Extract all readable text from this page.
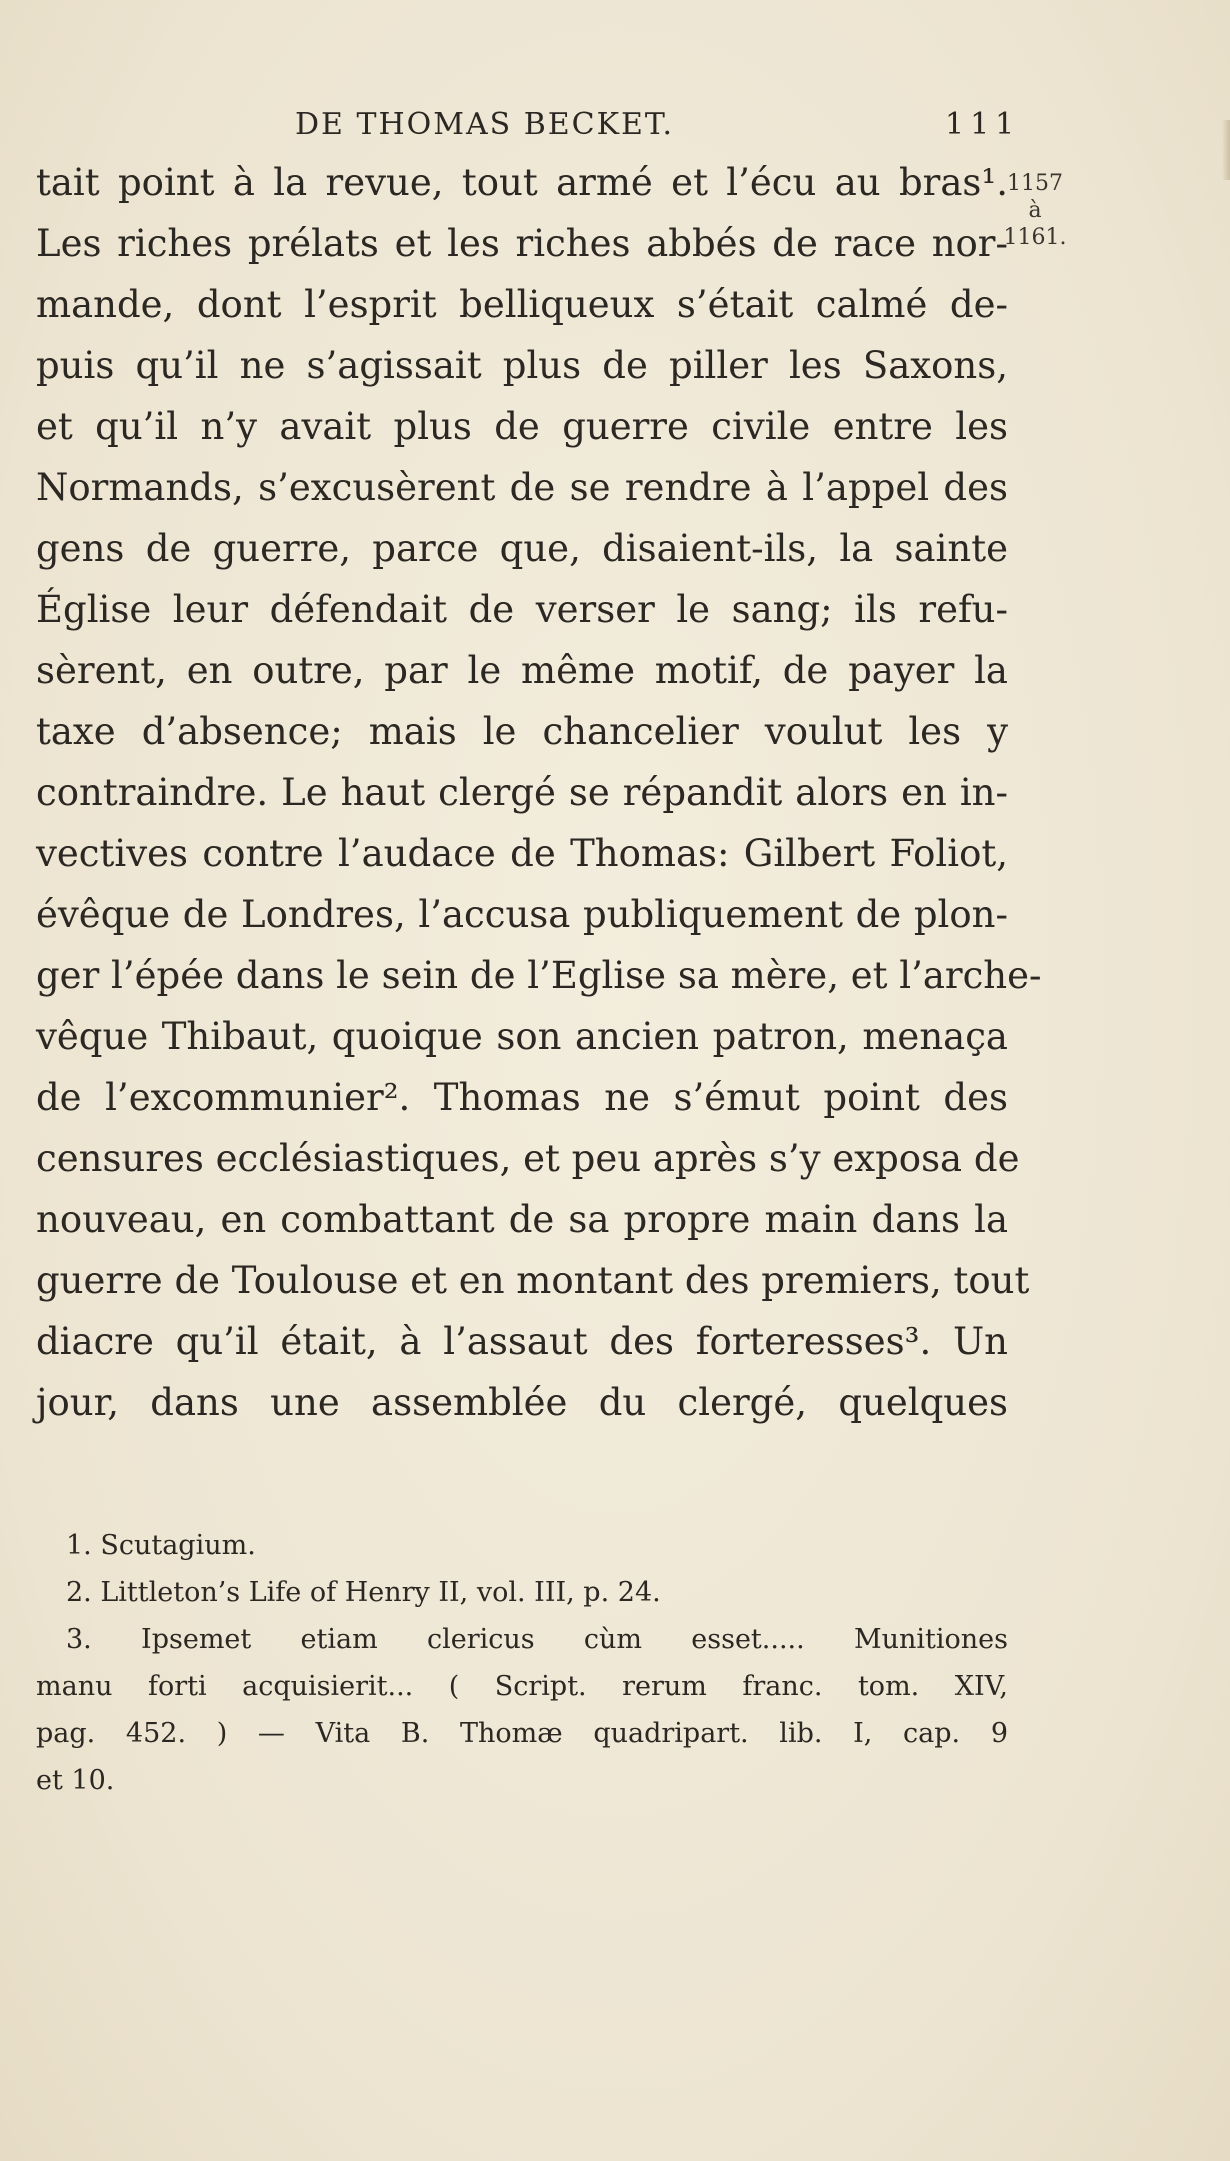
DE THOMAS BECKET.	111
1157
à
1161.
tait point à la revue, tout armé et l’écu au bras¹.
Les riches prélats et les riches abbés de race nor-
mande, dont l’esprit belliqueux s’était calmé de-
puis qu’il ne s’agissait plus de piller les Saxons,
et qu’il n’y avait plus de guerre civile entre les
Normands, s’excusèrent de se rendre à l’appel des
gens de guerre, parce que, disaient-ils, la sainte
Église leur défendait de verser le sang; ils refu-
sèrent, en outre, par le même motif, de payer la
taxe d’absence; mais le chancelier voulut les y
contraindre. Le haut clergé se répandit alors en in-
vectives contre l’audace de Thomas: Gilbert Foliot,
évêque de Londres, l’accusa publiquement de plon-
ger l’épée dans le sein de l’Eglise sa mère, et l’arche-
vêque Thibaut, quoique son ancien patron, menaça
de l’excommunier². Thomas ne s’émut point des
censures ecclésiastiques, et peu après s’y exposa de
nouveau, en combattant de sa propre main dans la
guerre de Toulouse et en montant des premiers, tout
diacre qu’il était, à l’assaut des forteresses³. Un
jour, dans une assemblée du clergé, quelques
1. Scutagium.
2. Littleton’s Life of Henry II, vol. III, p. 24.
3. Ipsemet etiam clericus cùm esset..... Munitiones
manu forti acquisierit... ( Script. rerum franc. tom. XIV,
pag. 452. ) — Vita B. Thomæ quadripart. lib. I, cap. 9
et 10.
